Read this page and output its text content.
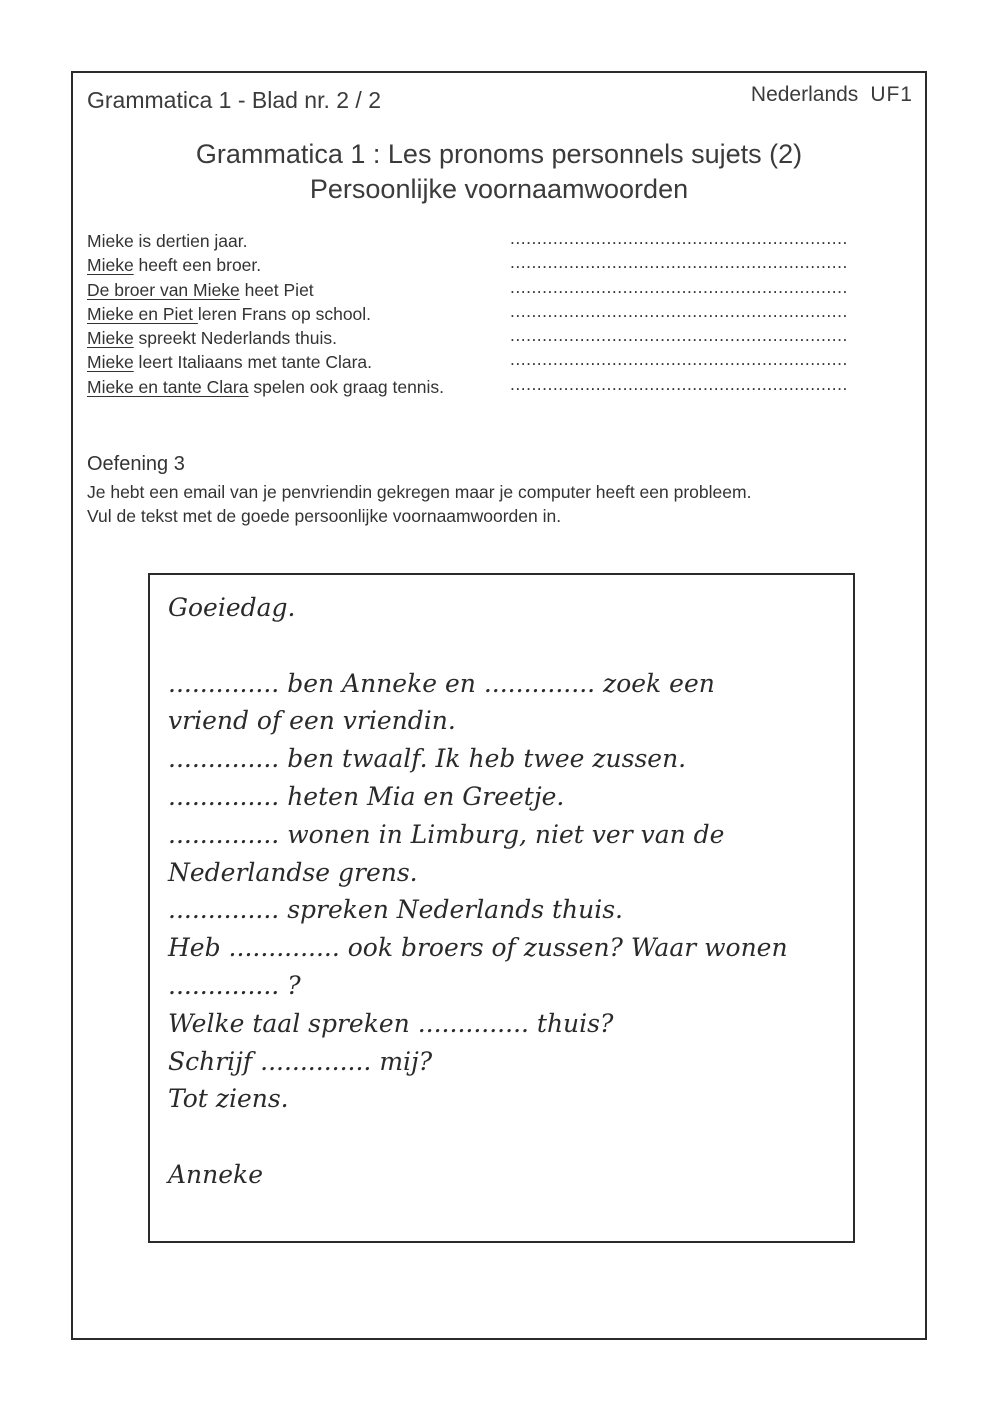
Grammatica 1 - Blad nr. 2 / 2	Nederlands UF1
Grammatica 1 : Les pronoms personnels sujets (2)
Persoonlijke voornaamwoorden
Mieke is dertien jaar.	...............................................................
Mieke heeft een broer.	...............................................................
De broer van Mieke heet Piet	...............................................................
Mieke en Piet leren Frans op school.	...............................................................
Mieke spreekt Nederlands thuis.	...............................................................
Mieke leert Italiaans met tante Clara.	...............................................................
Mieke en tante Clara spelen ook graag tennis.	...............................................................
Oefening 3
Je hebt een email van je penvriendin gekregen maar je computer heeft een probleem.
Vul de tekst met de goede persoonlijke voornaamwoorden in.
Goeiedag.
.............. ben Anneke en .............. zoek een
vriend of een vriendin.
.............. ben twaalf. Ik heb twee zussen.
.............. heten Mia en Greetje.
.............. wonen in Limburg, niet ver van de
Nederlandse grens.
.............. spreken Nederlands thuis.
Heb .............. ook broers of zussen? Waar wonen
.............. ?
Welke taal spreken .............. thuis?
Schrijf .............. mij?
Tot ziens.
Anneke
